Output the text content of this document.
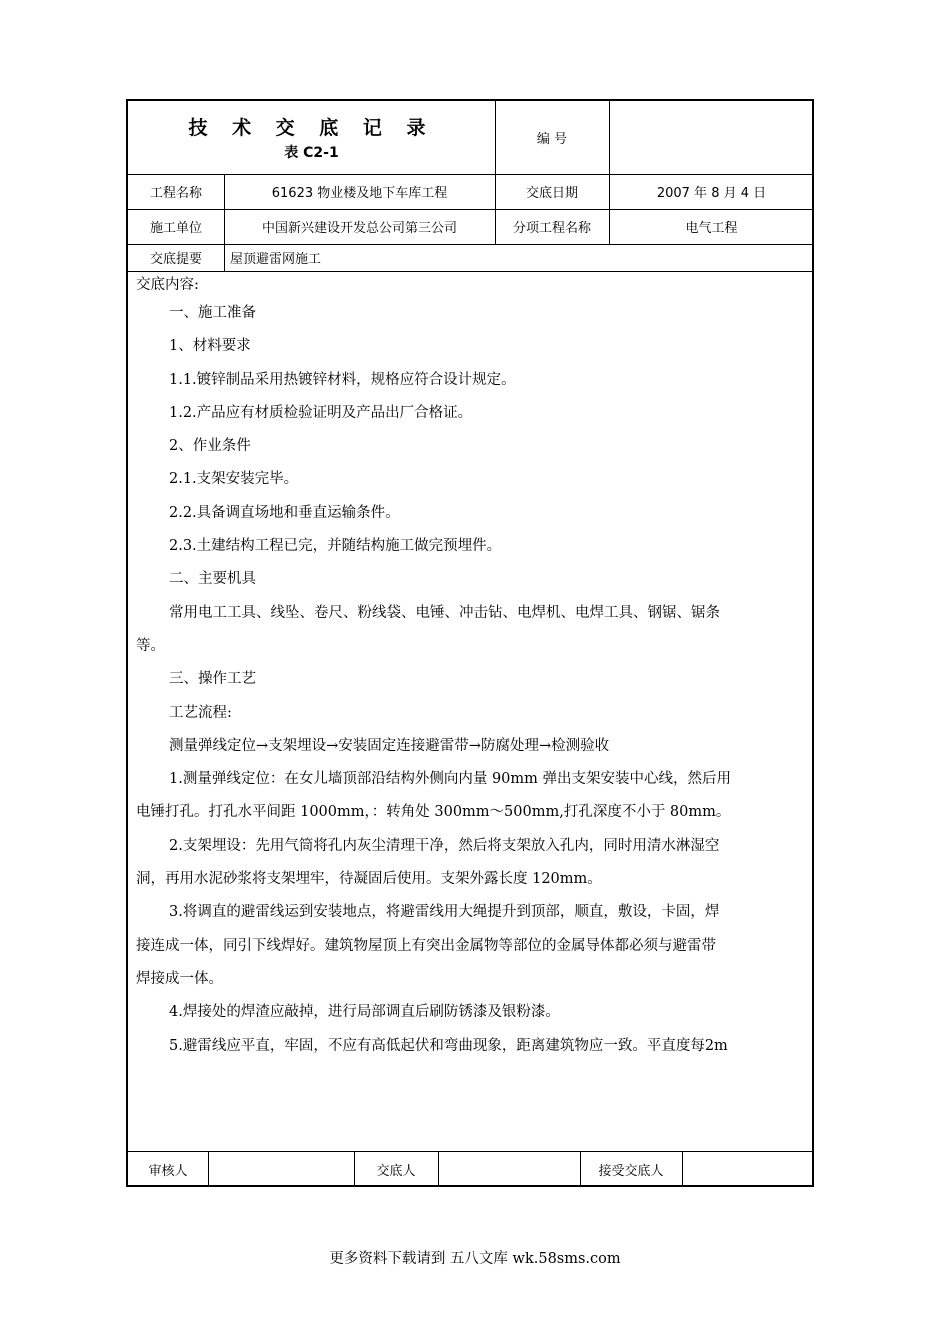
技 术 交 底 记 录
表 C2-1
编 号
工程名称	61623 物业楼及地下车库工程	交底日期	2007 年 8 月 4 日
施工单位	中国新兴建设开发总公司第三公司	分项工程名称	电气工程
交底提要	屋顶避雷网施工

交底内容:

一、施工准备

1、材料要求

1.1.镀锌制品采用热镀锌材料，规格应符合设计规定。

1.2.产品应有材质检验证明及产品出厂合格证。

2、作业条件

2.1.支架安装完毕。

2.2.具备调直场地和垂直运输条件。

2.3.土建结构工程已完，并随结构施工做完预埋件。

二、主要机具

常用电工工具、线坠、卷尺、粉线袋、电锤、冲击钻、电焊机、电焊工具、钢锯、锯条

等。

三、操作工艺

工艺流程:

测量弹线定位→支架埋设→安装固定连接避雷带→防腐处理→检测验收

1.测量弹线定位：在女儿墙顶部沿结构外侧向内量 90mm 弹出支架安装中心线，然后用

电锤打孔。打孔水平间距 1000mm，：转角处 300mm～500mm,打孔深度不小于 80mm。

2.支架埋设：先用气筒将孔内灰尘清理干净，然后将支架放入孔内，同时用清水淋湿空

洞，再用水泥砂浆将支架埋牢，待凝固后使用。支架外露长度 120mm。

3.将调直的避雷线运到安装地点，将避雷线用大绳提升到顶部，顺直，敷设，卡固，焊

接连成一体，同引下线焊好。建筑物屋顶上有突出金属物等部位的金属导体都必须与避雷带

焊接成一体。

4.焊接处的焊渣应敲掉，进行局部调直后刷防锈漆及银粉漆。

5.避雷线应平直，牢固，不应有高低起伏和弯曲现象，距离建筑物应一致。平直度每2m

审核人	交底人	接受交底人
更多资料下载请到 五八文库 wk.58sms.com
